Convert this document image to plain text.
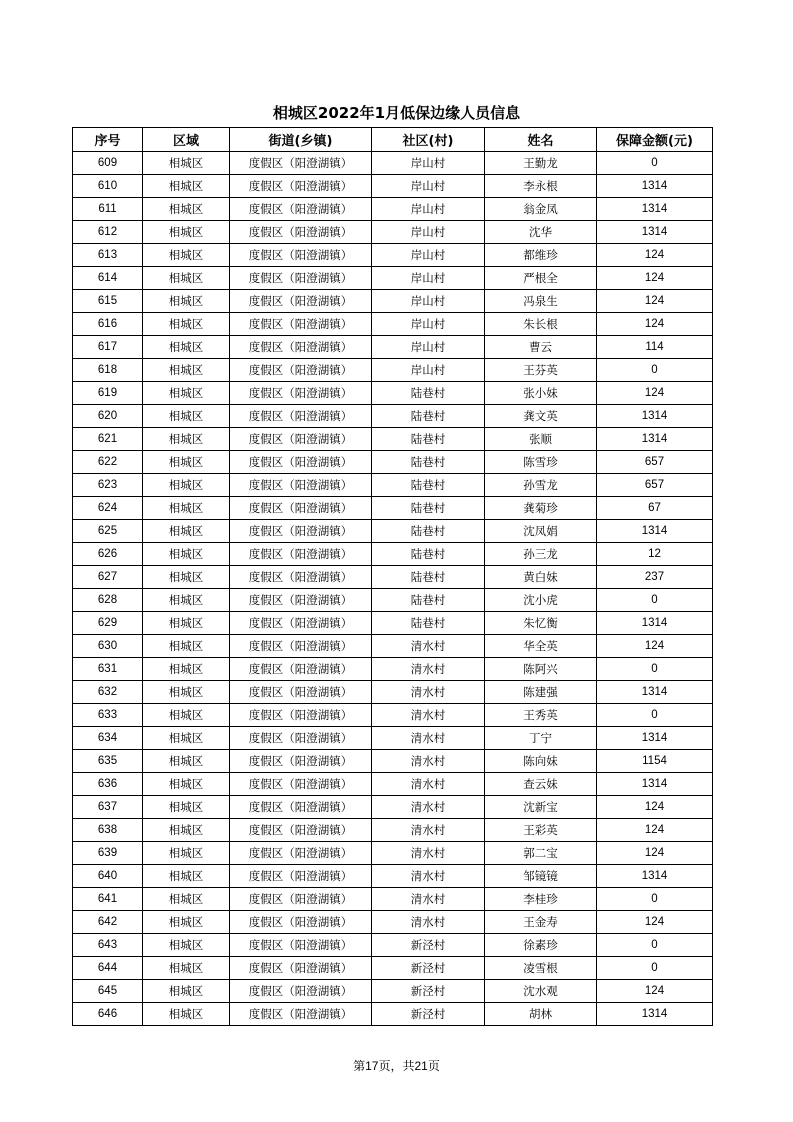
相城区2022年1月低保边缘人员信息
序号	区域	街道(乡镇)	社区(村)	姓名	保障金额(元)
609	相城区	度假区（阳澄湖镇）	岸山村	王勤龙	0
610	相城区	度假区（阳澄湖镇）	岸山村	李永根	1314
611	相城区	度假区（阳澄湖镇）	岸山村	翁金凤	1314
612	相城区	度假区（阳澄湖镇）	岸山村	沈华	1314
613	相城区	度假区（阳澄湖镇）	岸山村	都维珍	124
614	相城区	度假区（阳澄湖镇）	岸山村	严根全	124
615	相城区	度假区（阳澄湖镇）	岸山村	冯泉生	124
616	相城区	度假区（阳澄湖镇）	岸山村	朱长根	124
617	相城区	度假区（阳澄湖镇）	岸山村	曹云	114
618	相城区	度假区（阳澄湖镇）	岸山村	王芬英	0
619	相城区	度假区（阳澄湖镇）	陆巷村	张小妹	124
620	相城区	度假区（阳澄湖镇）	陆巷村	龚文英	1314
621	相城区	度假区（阳澄湖镇）	陆巷村	张顺	1314
622	相城区	度假区（阳澄湖镇）	陆巷村	陈雪珍	657
623	相城区	度假区（阳澄湖镇）	陆巷村	孙雪龙	657
624	相城区	度假区（阳澄湖镇）	陆巷村	龚菊珍	67
625	相城区	度假区（阳澄湖镇）	陆巷村	沈凤娟	1314
626	相城区	度假区（阳澄湖镇）	陆巷村	孙三龙	12
627	相城区	度假区（阳澄湖镇）	陆巷村	黄白妹	237
628	相城区	度假区（阳澄湖镇）	陆巷村	沈小虎	0
629	相城区	度假区（阳澄湖镇）	陆巷村	朱忆衡	1314
630	相城区	度假区（阳澄湖镇）	清水村	华全英	124
631	相城区	度假区（阳澄湖镇）	清水村	陈阿兴	0
632	相城区	度假区（阳澄湖镇）	清水村	陈建强	1314
633	相城区	度假区（阳澄湖镇）	清水村	王秀英	0
634	相城区	度假区（阳澄湖镇）	清水村	丁宁	1314
635	相城区	度假区（阳澄湖镇）	清水村	陈向妹	1154
636	相城区	度假区（阳澄湖镇）	清水村	查云妹	1314
637	相城区	度假区（阳澄湖镇）	清水村	沈新宝	124
638	相城区	度假区（阳澄湖镇）	清水村	王彩英	124
639	相城区	度假区（阳澄湖镇）	清水村	郭二宝	124
640	相城区	度假区（阳澄湖镇）	清水村	邹镜镜	1314
641	相城区	度假区（阳澄湖镇）	清水村	李桂珍	0
642	相城区	度假区（阳澄湖镇）	清水村	王金寿	124
643	相城区	度假区（阳澄湖镇）	新泾村	徐素珍	0
644	相城区	度假区（阳澄湖镇）	新泾村	凌雪根	0
645	相城区	度假区（阳澄湖镇）	新泾村	沈水观	124
646	相城区	度假区（阳澄湖镇）	新泾村	胡林	1314
第17页，共21页
